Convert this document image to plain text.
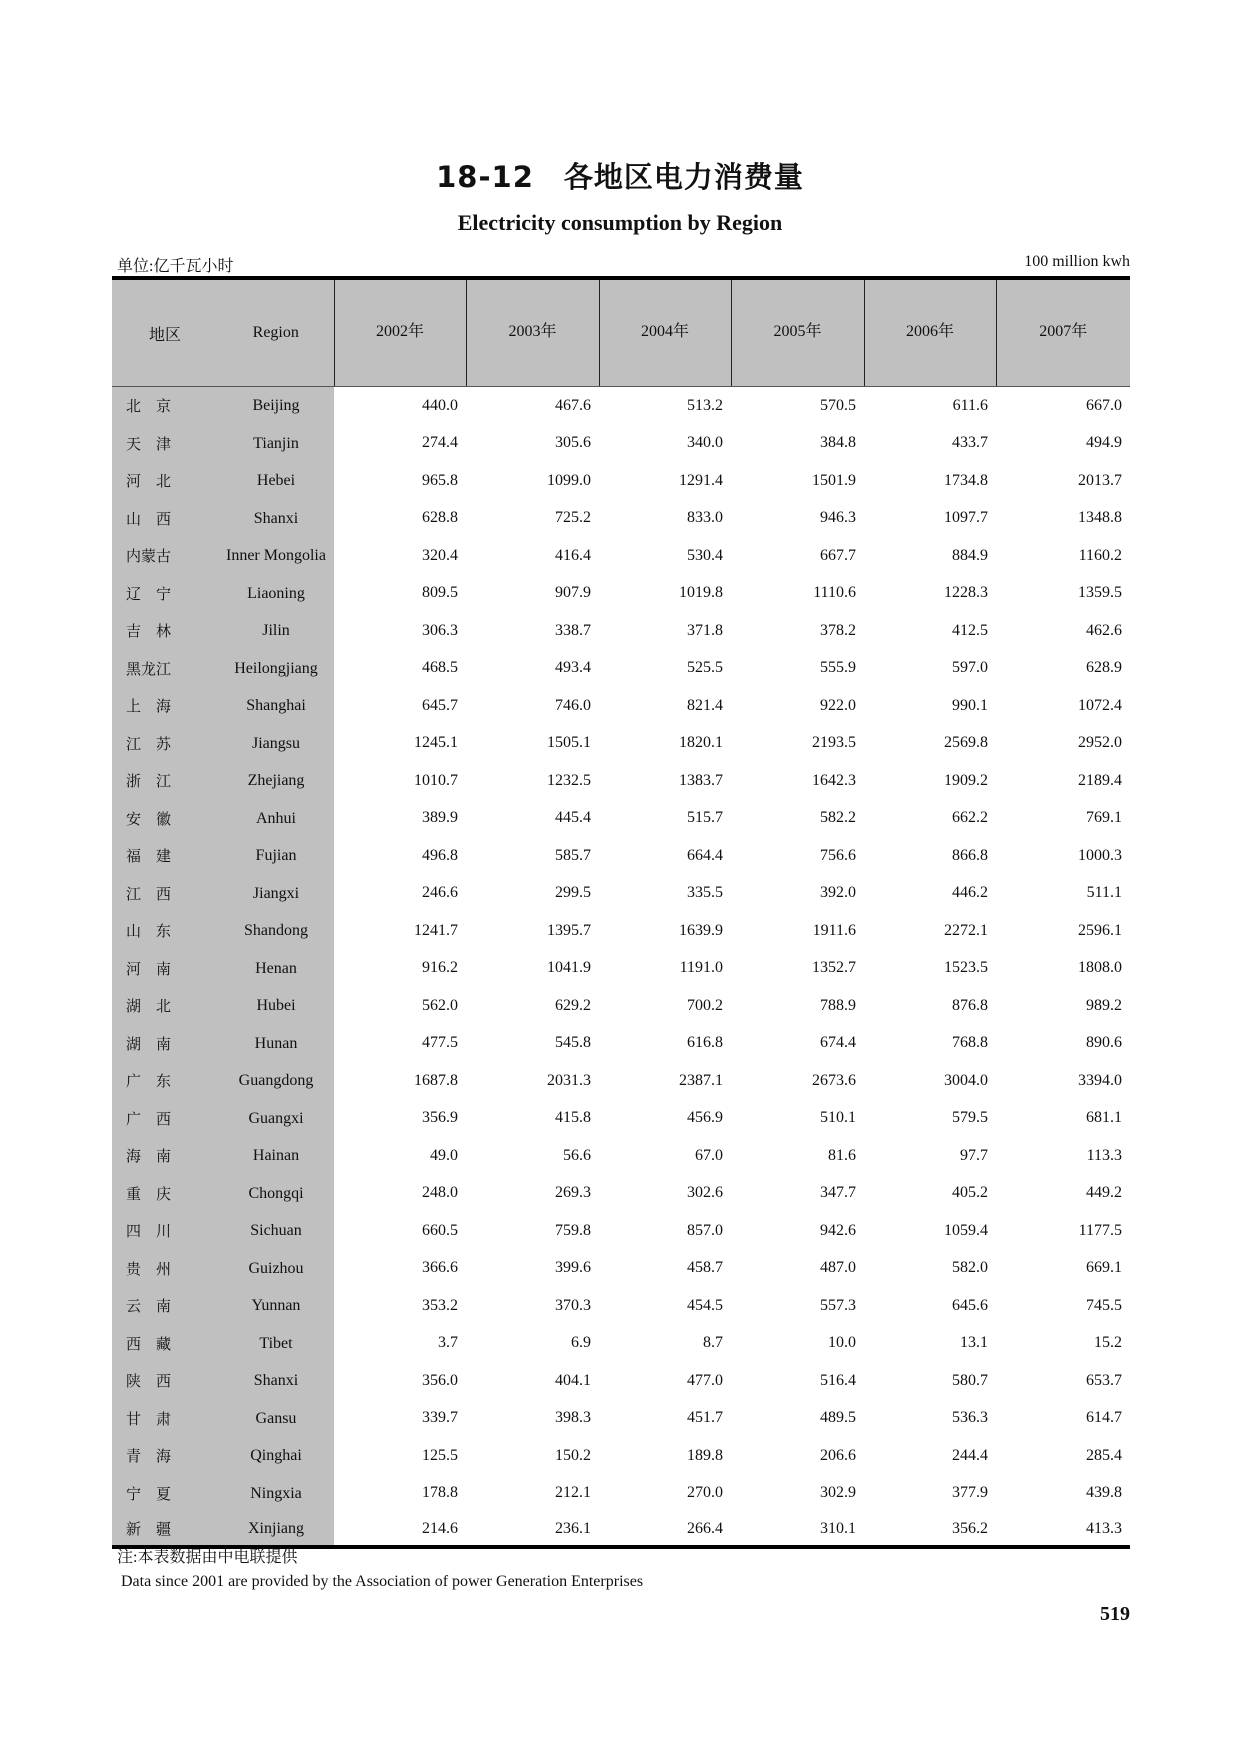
18-12　各地区电力消费量
Electricity consumption by Region
单位:亿千瓦小时	100 million kwh
地区	Region	2002年	2003年	2004年	2005年	2006年	2007年
北　京	Beijing	440.0	467.6	513.2	570.5	611.6	667.0
天　津	Tianjin	274.4	305.6	340.0	384.8	433.7	494.9
河　北	Hebei	965.8	1099.0	1291.4	1501.9	1734.8	2013.7
山　西	Shanxi	628.8	725.2	833.0	946.3	1097.7	1348.8
内蒙古	Inner Mongolia	320.4	416.4	530.4	667.7	884.9	1160.2
辽　宁	Liaoning	809.5	907.9	1019.8	1110.6	1228.3	1359.5
吉　林	Jilin	306.3	338.7	371.8	378.2	412.5	462.6
黑龙江	Heilongjiang	468.5	493.4	525.5	555.9	597.0	628.9
上　海	Shanghai	645.7	746.0	821.4	922.0	990.1	1072.4
江　苏	Jiangsu	1245.1	1505.1	1820.1	2193.5	2569.8	2952.0
浙　江	Zhejiang	1010.7	1232.5	1383.7	1642.3	1909.2	2189.4
安　徽	Anhui	389.9	445.4	515.7	582.2	662.2	769.1
福　建	Fujian	496.8	585.7	664.4	756.6	866.8	1000.3
江　西	Jiangxi	246.6	299.5	335.5	392.0	446.2	511.1
山　东	Shandong	1241.7	1395.7	1639.9	1911.6	2272.1	2596.1
河　南	Henan	916.2	1041.9	1191.0	1352.7	1523.5	1808.0
湖　北	Hubei	562.0	629.2	700.2	788.9	876.8	989.2
湖　南	Hunan	477.5	545.8	616.8	674.4	768.8	890.6
广　东	Guangdong	1687.8	2031.3	2387.1	2673.6	3004.0	3394.0
广　西	Guangxi	356.9	415.8	456.9	510.1	579.5	681.1
海　南	Hainan	49.0	56.6	67.0	81.6	97.7	113.3
重　庆	Chongqi	248.0	269.3	302.6	347.7	405.2	449.2
四　川	Sichuan	660.5	759.8	857.0	942.6	1059.4	1177.5
贵　州	Guizhou	366.6	399.6	458.7	487.0	582.0	669.1
云　南	Yunnan	353.2	370.3	454.5	557.3	645.6	745.5
西　藏	Tibet	3.7	6.9	8.7	10.0	13.1	15.2
陕　西	Shanxi	356.0	404.1	477.0	516.4	580.7	653.7
甘　肃	Gansu	339.7	398.3	451.7	489.5	536.3	614.7
青　海	Qinghai	125.5	150.2	189.8	206.6	244.4	285.4
宁　夏	Ningxia	178.8	212.1	270.0	302.9	377.9	439.8
新　疆	Xinjiang	214.6	236.1	266.4	310.1	356.2	413.3
注:本表数据由中电联提供
Data since 2001 are provided by the Association of power Generation Enterprises
519
